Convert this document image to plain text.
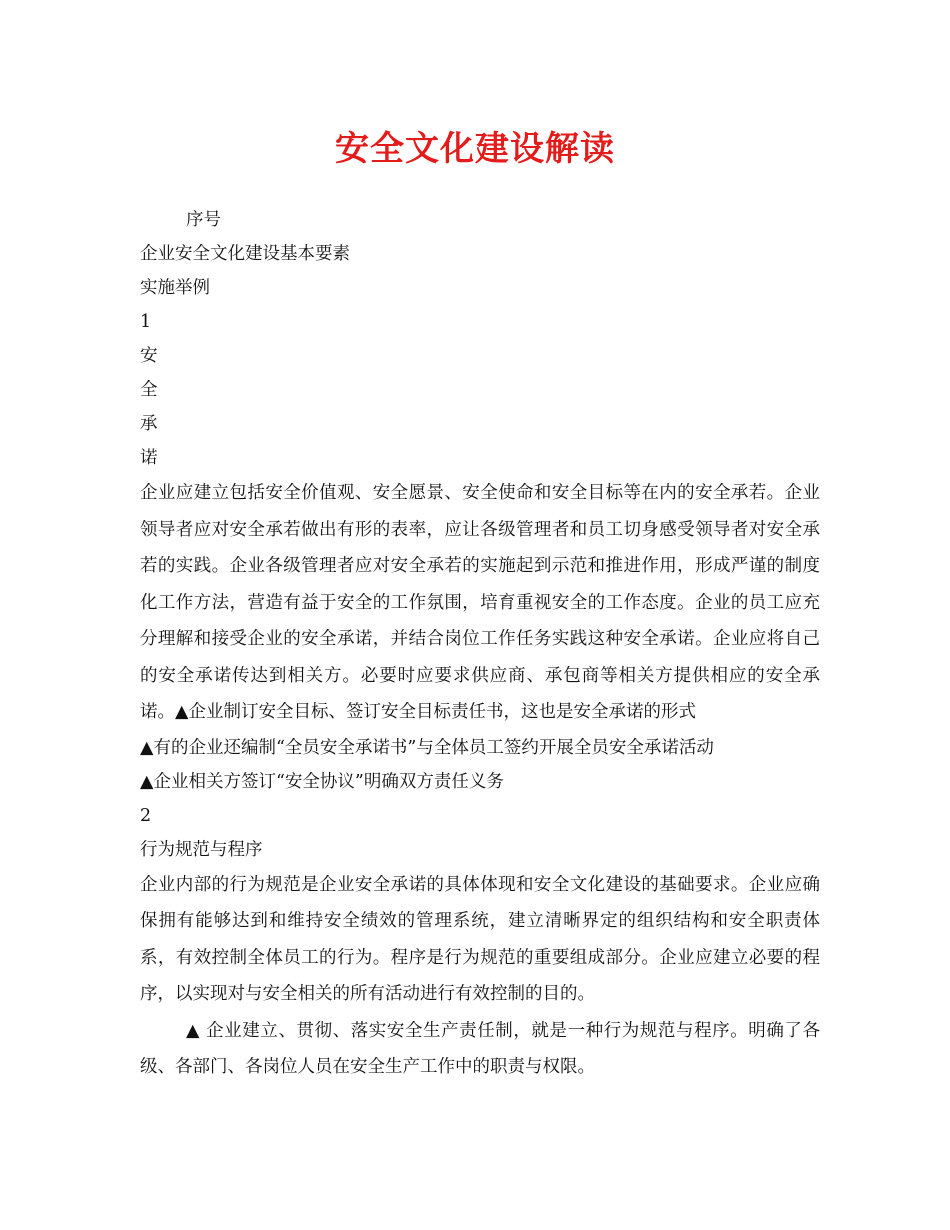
安全文化建设解读
序号
企业安全文化建设基本要素
实施举例
1
安
全
承
诺
企业应建立包括安全价值观、安全愿景、安全使命和安全目标等在内的安全承若。企业领导者应对安全承若做出有形的表率，应让各级管理者和员工切身感受领导者对安全承若的实践。企业各级管理者应对安全承若的实施起到示范和推进作用，形成严谨的制度化工作方法，营造有益于安全的工作氛围，培育重视安全的工作态度。企业的员工应充分理解和接受企业的安全承诺，并结合岗位工作任务实践这种安全承诺。企业应将自己的安全承诺传达到相关方。必要时应要求供应商、承包商等相关方提供相应的安全承诺。▲企业制订安全目标、签订安全目标责任书，这也是安全承诺的形式
▲有的企业还编制“全员安全承诺书”与全体员工签约开展全员安全承诺活动
▲企业相关方签订“安全协议”明确双方责任义务
2
行为规范与程序
企业内部的行为规范是企业安全承诺的具体体现和安全文化建设的基础要求。企业应确保拥有能够达到和维持安全绩效的管理系统，建立清晰界定的组织结构和安全职责体系，有效控制全体员工的行为。程序是行为规范的重要组成部分。企业应建立必要的程序，以实现对与安全相关的所有活动进行有效控制的目的。
▲ 企业建立、贯彻、落实安全生产责任制，就是一种行为规范与程序。明确了各级、各部门、各岗位人员在安全生产工作中的职责与权限。
